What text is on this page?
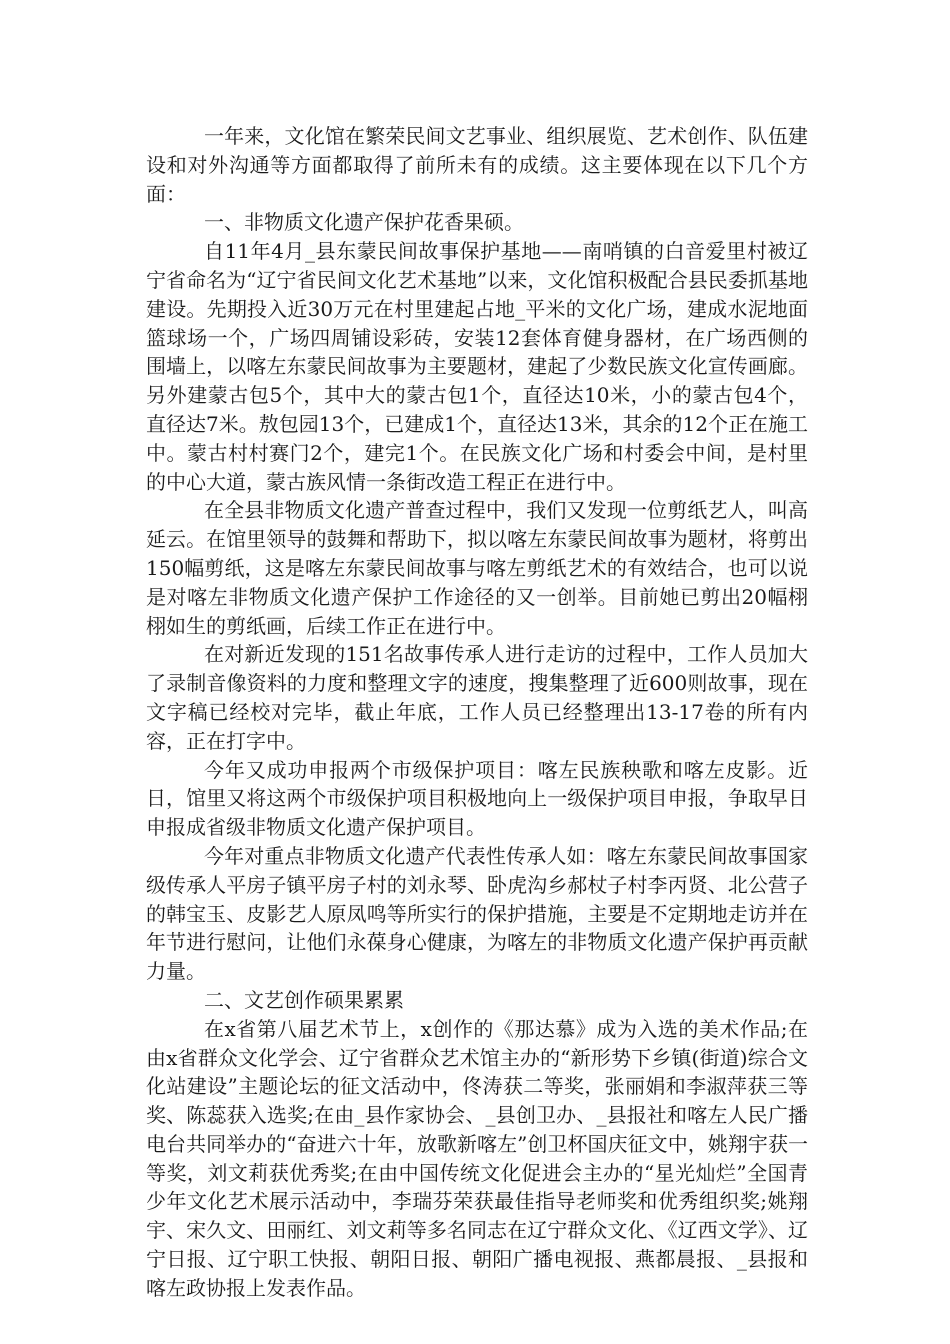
一年来，文化馆在繁荣民间文艺事业、组织展览、艺术创作、队伍建设和对外沟通等方面都取得了前所未有的成绩。这主要体现在以下几个方面：

一、非物质文化遗产保护花香果硕。

自11年4月_县东蒙民间故事保护基地——南哨镇的白音爱里村被辽宁省命名为“辽宁省民间文化艺术基地”以来，文化馆积极配合县民委抓基地建设。先期投入近30万元在村里建起占地_平米的文化广场，建成水泥地面篮球场一个，广场四周铺设彩砖，安装12套体育健身器材，在广场西侧的围墙上，以喀左东蒙民间故事为主要题材，建起了少数民族文化宣传画廊。另外建蒙古包5个，其中大的蒙古包1个，直径达10米，小的蒙古包4个，直径达7米。敖包园13个，已建成1个，直径达13米，其余的12个正在施工中。蒙古村村赛门2个，建完1个。在民族文化广场和村委会中间，是村里的中心大道，蒙古族风情一条街改造工程正在进行中。

在全县非物质文化遗产普查过程中，我们又发现一位剪纸艺人，叫高延云。在馆里领导的鼓舞和帮助下，拟以喀左东蒙民间故事为题材，将剪出150幅剪纸，这是喀左东蒙民间故事与喀左剪纸艺术的有效结合，也可以说是对喀左非物质文化遗产保护工作途径的又一创举。目前她已剪出20幅栩栩如生的剪纸画，后续工作正在进行中。

在对新近发现的151名故事传承人进行走访的过程中，工作人员加大了录制音像资料的力度和整理文字的速度，搜集整理了近600则故事，现在文字稿已经校对完毕，截止年底，工作人员已经整理出13-17卷的所有内容，正在打字中。

今年又成功申报两个市级保护项目：喀左民族秧歌和喀左皮影。近日，馆里又将这两个市级保护项目积极地向上一级保护项目申报，争取早日申报成省级非物质文化遗产保护项目。

今年对重点非物质文化遗产代表性传承人如：喀左东蒙民间故事国家级传承人平房子镇平房子村的刘永琴、卧虎沟乡郝杖子村李丙贤、北公营子的韩宝玉、皮影艺人原凤鸣等所实行的保护措施，主要是不定期地走访并在年节进行慰问，让他们永葆身心健康，为喀左的非物质文化遗产保护再贡献力量。

二、文艺创作硕果累累

在x省第八届艺术节上，x创作的《那达慕》成为入选的美术作品;在由x省群众文化学会、辽宁省群众艺术馆主办的“新形势下乡镇(街道)综合文化站建设”主题论坛的征文活动中，佟涛获二等奖，张丽娟和李淑萍获三等奖、陈蕊获入选奖;在由_县作家协会、_县创卫办、_县报社和喀左人民广播电台共同举办的“奋进六十年，放歌新喀左”创卫杯国庆征文中，姚翔宇获一等奖，刘文莉获优秀奖;在由中国传统文化促进会主办的“星光灿烂”全国青少年文化艺术展示活动中，李瑞芬荣获最佳指导老师奖和优秀组织奖;姚翔宇、宋久文、田丽红、刘文莉等多名同志在辽宁群众文化、《辽西文学》、辽宁日报、辽宁职工快报、朝阳日报、朝阳广播电视报、燕都晨报、_县报和喀左政协报上发表作品。
